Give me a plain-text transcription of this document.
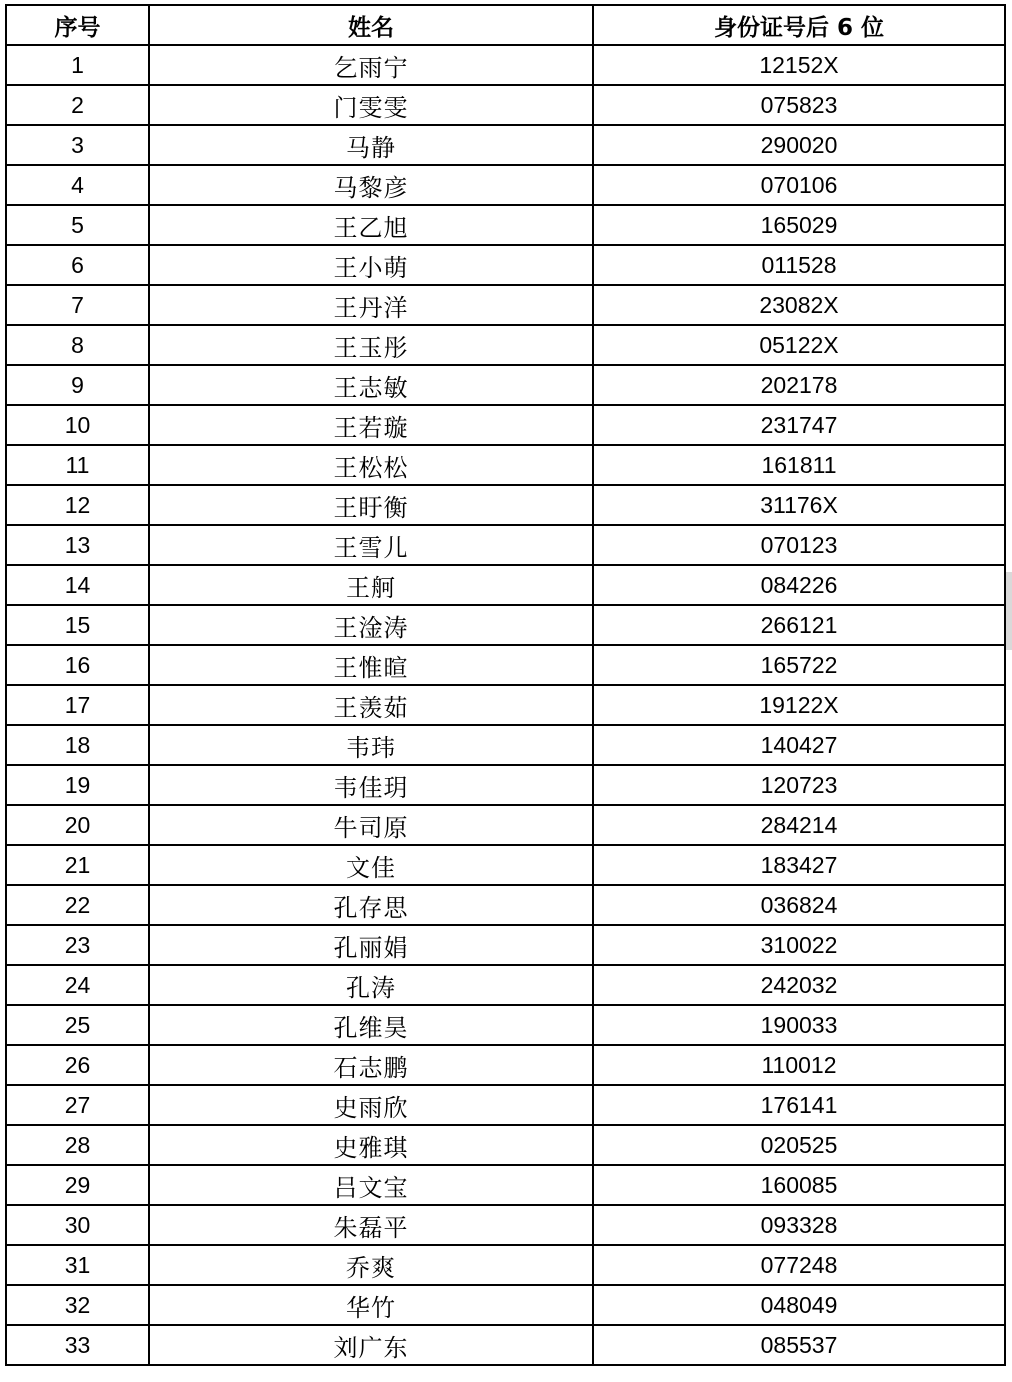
序号	姓名	身份证号后 6 位
1	乞雨宁	12152X
2	门雯雯	075823
3	马静	290020
4	马黎彦	070106
5	王乙旭	165029
6	王小萌	011528
7	王丹洋	23082X
8	王玉彤	05122X
9	王志敏	202178
10	王若璇	231747
11	王松松	161811
12	王盱衡	31176X
13	王雪儿	070123
14	王舸	084226
15	王淦涛	266121
16	王惟暄	165722
17	王羡茹	19122X
18	韦玮	140427
19	韦佳玥	120723
20	牛司原	284214
21	文佳	183427
22	孔存思	036824
23	孔丽娟	310022
24	孔涛	242032
25	孔维昊	190033
26	石志鹏	110012
27	史雨欣	176141
28	史雅琪	020525
29	吕文宝	160085
30	朱磊平	093328
31	乔爽	077248
32	华竹	048049
33	刘广东	085537
